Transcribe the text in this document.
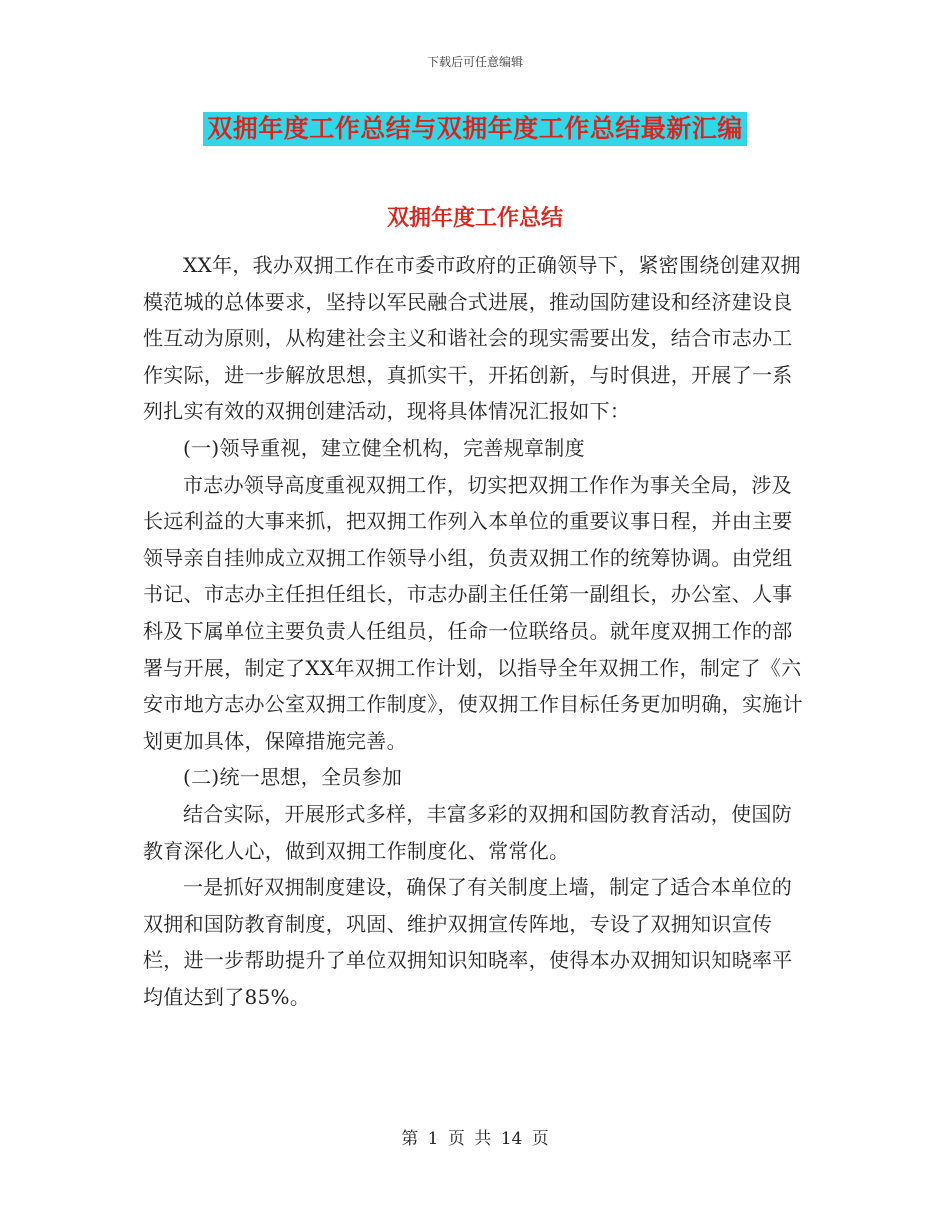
下载后可任意编辑
双拥年度工作总结与双拥年度工作总结最新汇编
双拥年度工作总结

XX年，我办双拥工作在市委市政府的正确领导下，紧密围绕创建双拥模范城的总体要求，坚持以军民融合式进展，推动国防建设和经济建设良性互动为原则，从构建社会主义和谐社会的现实需要出发，结合市志办工作实际，进一步解放思想，真抓实干，开拓创新，与时俱进，开展了一系列扎实有效的双拥创建活动，现将具体情况汇报如下：

(一)领导重视，建立健全机构，完善规章制度

市志办领导高度重视双拥工作，切实把双拥工作作为事关全局，涉及长远利益的大事来抓，把双拥工作列入本单位的重要议事日程，并由主要领导亲自挂帅成立双拥工作领导小组，负责双拥工作的统筹协调。由党组书记、市志办主任担任组长，市志办副主任任第一副组长，办公室、人事科及下属单位主要负责人任组员，任命一位联络员。就年度双拥工作的部署与开展，制定了XX年双拥工作计划，以指导全年双拥工作，制定了《六安市地方志办公室双拥工作制度》，使双拥工作目标任务更加明确，实施计划更加具体，保障措施完善。

(二)统一思想，全员参加

结合实际，开展形式多样，丰富多彩的双拥和国防教育活动，使国防教育深化人心，做到双拥工作制度化、常常化。

一是抓好双拥制度建设，确保了有关制度上墙，制定了适合本单位的双拥和国防教育制度，巩固、维护双拥宣传阵地，专设了双拥知识宣传栏，进一步帮助提升了单位双拥知识知晓率，使得本办双拥知识知晓率平均值达到了85%。

第 1 页 共 14 页
